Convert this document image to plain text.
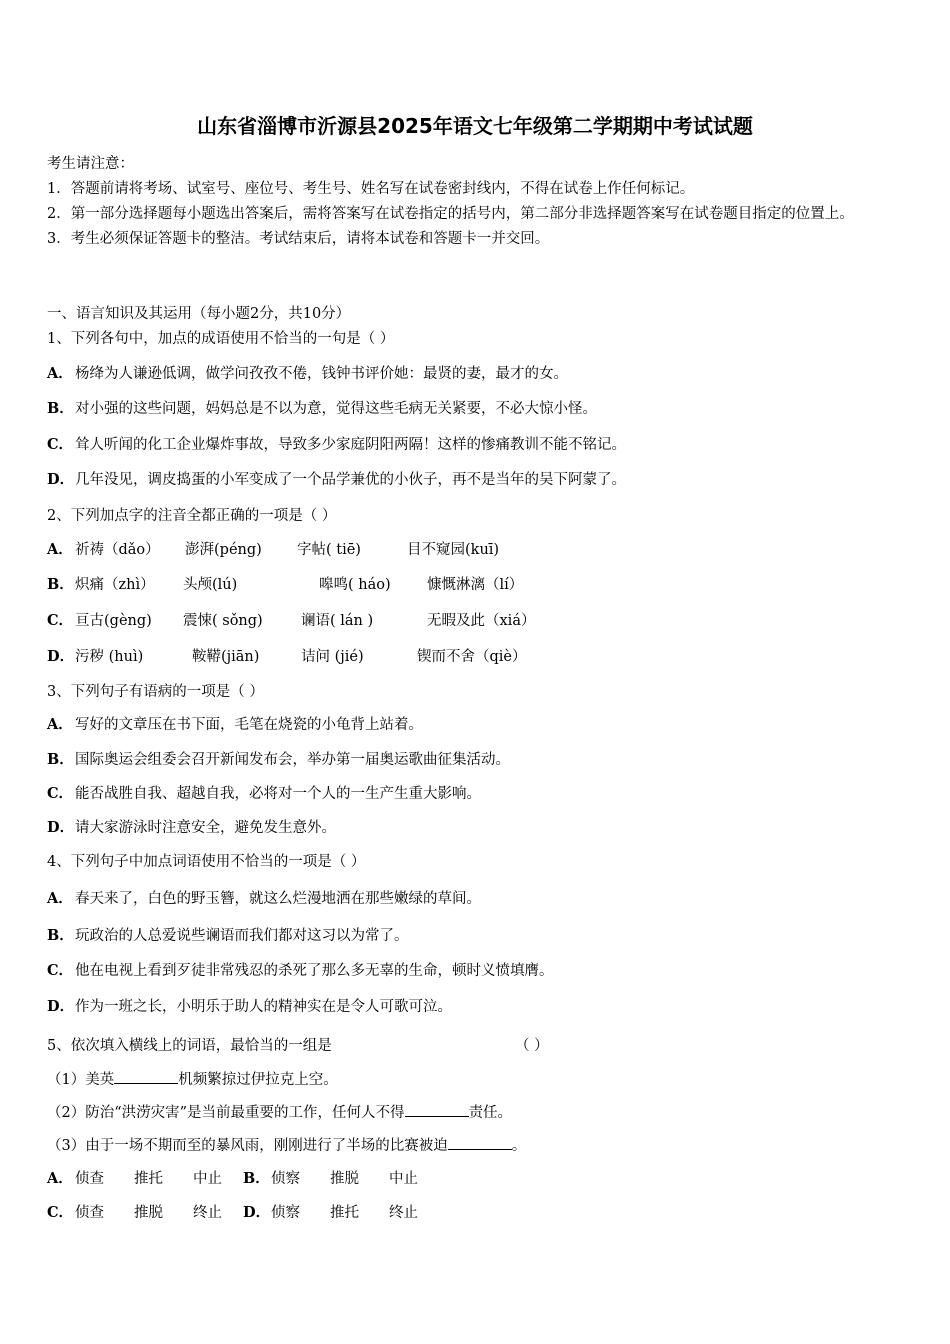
山东省淄博市沂源县2025年语文七年级第二学期期中考试试题

考生请注意：

1．答题前请将考场、试室号、座位号、考生号、姓名写在试卷密封线内，不得在试卷上作任何标记。

2．第一部分选择题每小题选出答案后，需将答案写在试卷指定的括号内，第二部分非选择题答案写在试卷题目指定的位置上。

3．考生必须保证答题卡的整洁。考试结束后，请将本试卷和答题卡一并交回。

一、语言知识及其运用（每小题2分，共10分）
1、下列各句中，加点的成语使用不恰当的一句是（ ）
A． 杨绛为人谦逊低调，做学问孜孜不倦，钱钟书评价她：最贤的妻，最才的女。
B．对小强的这些问题，妈妈总是不以为意，觉得这些毛病无关紧要，不必大惊小怪。
C． 耸人听闻的化工企业爆炸事故，导致多少家庭阴阳两隔！这样的惨痛教训不能不铭记。
D．几年没见，调皮捣蛋的小军变成了一个品学兼优的小伙子，再不是当年的吴下阿蒙了。
2、下列加点字的注音全都正确的一项是（ ）
A． 祈祷（dǎo） 澎湃(péng) 字帖( tiē)	目不窥园(kuī)
B．炽痛（zhì） 头颅(lú)	嗥鸣( háo)	慷慨淋漓（lí）
C． 亘古(gèng) 震悚( sǒng)	谰语( lán )	无暇及此（xiá）
D．污秽 (huì)	鞍鞯(jiān)	诘问 (jié)	锲而不舍（qiè）
3、下列句子有语病的一项是（ ）
A． 写好的文章压在书下面，毛笔在烧瓷的小龟背上站着。
B．国际奥运会组委会召开新闻发布会，举办第一届奥运歌曲征集活动。
C． 能否战胜自我、超越自我，必将对一个人的一生产生重大影响。
D．请大家游泳时注意安全，避免发生意外。
4、下列句子中加点词语使用不恰当的一项是（ ）
A． 春天来了，白色的野玉簪，就这么烂漫地洒在那些嫩绿的草间。
B．玩政治的人总爱说些谰语而我们都对这习以为常了。
C． 他在电视上看到歹徒非常残忍的杀死了那么多无辜的生命，顿时义愤填膺。
D．作为一班之长，小明乐于助人的精神实在是令人可歌可泣。
5、依次填入横线上的词语，最恰当的一组是	（ ）
（1）美英	机频繁掠过伊拉克上空。
（2）防治“洪涝灾害”是当前最重要的工作，任何人不得	责任。
（3）由于一场不期而至的暴风雨，刚刚进行了半场的比赛被迫	。
A． 侦查 推托 中止 B．侦察 推脱 中止
C． 侦查 推脱 终止 D．侦察 推托 终止
